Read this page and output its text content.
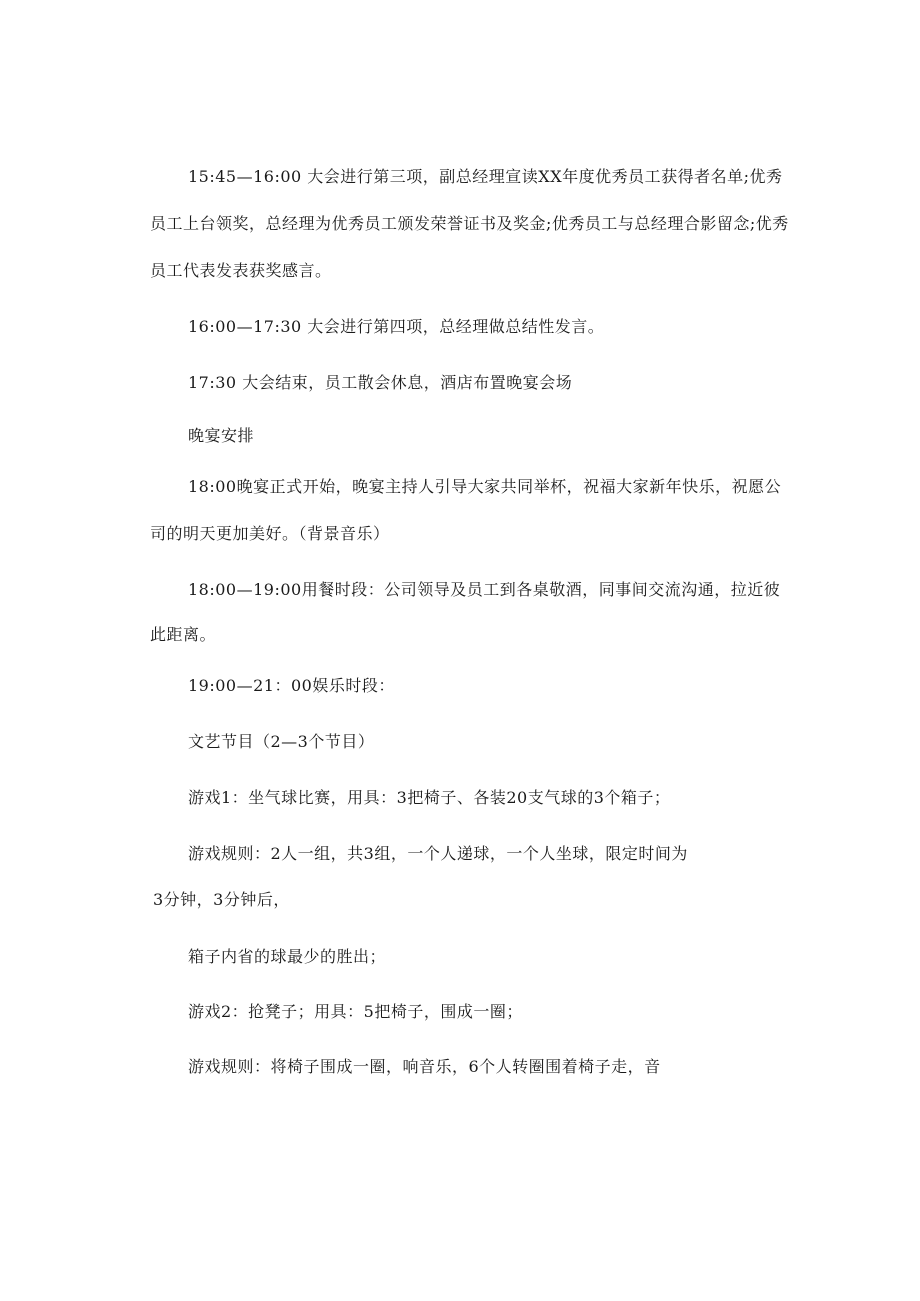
15:45—16:00 大会进行第三项，副总经理宣读XX年度优秀员工获得者名单;优秀
员工上台领奖，总经理为优秀员工颁发荣誉证书及奖金;优秀员工与总经理合影留念;优秀
员工代表发表获奖感言。
16:00—17:30 大会进行第四项，总经理做总结性发言。
17:30 大会结束，员工散会休息，酒店布置晚宴会场
晚宴安排
18:00晚宴正式开始，晚宴主持人引导大家共同举杯，祝福大家新年快乐，祝愿公
司的明天更加美好。（背景音乐）
18:00—19:00用餐时段：公司领导及员工到各桌敬酒，同事间交流沟通，拉近彼
此距离。
19:00—21：00娱乐时段：
文艺节目（2—3个节目）
游戏1：坐气球比赛，用具：3把椅子、各装20支气球的3个箱子；
游戏规则：2人一组，共3组，一个人递球，一个人坐球，限定时间为
3分钟，3分钟后，
箱子内省的球最少的胜出；
游戏2：抢凳子；用具：5把椅子，围成一圈；
游戏规则：将椅子围成一圈，响音乐，6个人转圈围着椅子走，音
